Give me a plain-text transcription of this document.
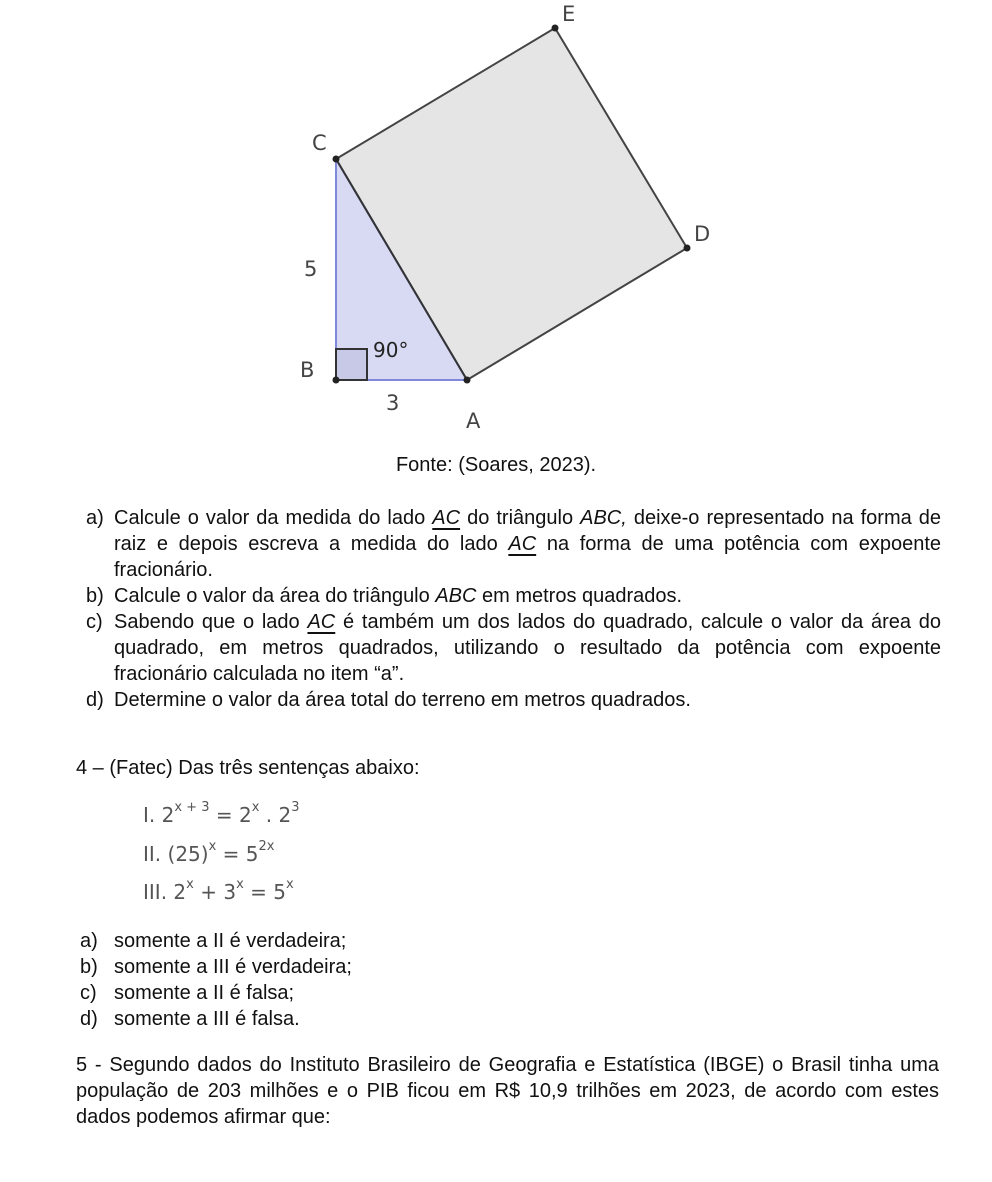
E
C
D
B
A
5
3
90°
Fonte: (Soares, 2023).
a) Calcule o valor da medida do lado AC do triângulo ABC, deixe-o representado na forma de raiz e depois escreva a medida do lado AC na forma de uma potência com expoente fracionário.
b) Calcule o valor da área do triângulo ABC em metros quadrados.
c) Sabendo que o lado AC é também um dos lados do quadrado, calcule o valor da área do quadrado, em metros quadrados, utilizando o resultado da potência com expoente fracionário calculada no item “a”.
d) Determine o valor da área total do terreno em metros quadrados.
4 – (Fatec) Das três sentenças abaixo:
I. $2^{x + 3} = 2^x$ . $2^3$
II. $(25)^x = 5^{2x}$
III. $2^x + 3^x = 5^x$
a) somente a II é verdadeira;
b) somente a III é verdadeira;
c) somente a II é falsa;
d) somente a III é falsa.
5 - Segundo dados do Instituto Brasileiro de Geografia e Estatística (IBGE) o Brasil tinha uma população de 203 milhões e o PIB ficou em R$ 10,9 trilhões em 2023, de acordo com estes dados podemos afirmar que:
